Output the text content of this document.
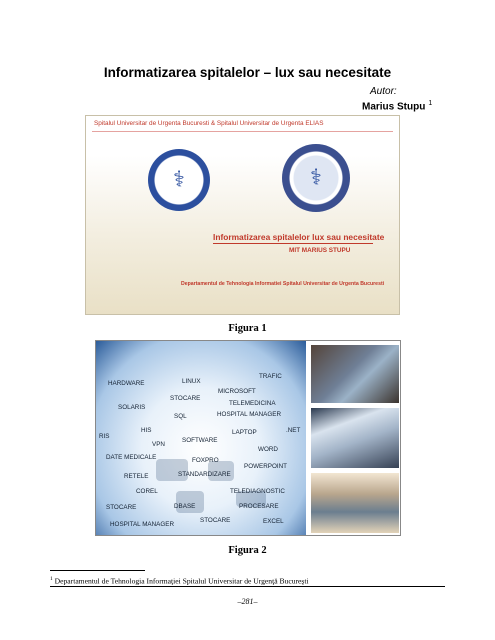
Informatizarea spitalelor – lux sau necesitate
Autor:
Marius Stupu $^1$
Spitalul Universitar de Urgenta Bucuresti & Spitalul Universitar de Urgenta ELIAS
⚕	⚕
Informatizarea spitalelor lux sau necesitate
MIT MARIUS STUPU
Departamentul de Tehnologia Informatiei Spitalul Universitar de Urgenta Bucuresti
Figura 1
HARDWARE	LINUX
TRAFIC
MICROSOFT
STOCARE
SOLARIS
TELEMEDICINA
SQL	HOSPITAL MANAGER
HIS	LAPTOP	.NET
RIS
VPN
SOFTWARE
WORD
DATE MEDICALE	FOXPRO
POWERPOINT
RETELE	STANDARDIZARE
COREL	TELEDIAGNOSTIC
STOCARE	DBASE	PROCESARE
STOCARE	EXCEL
HOSPITAL MANAGER
Figura 2
$^1$ Departamentul de Tehnologia Informaţiei Spitalul Universitar de Urgenţă Bucureşti
–281–
